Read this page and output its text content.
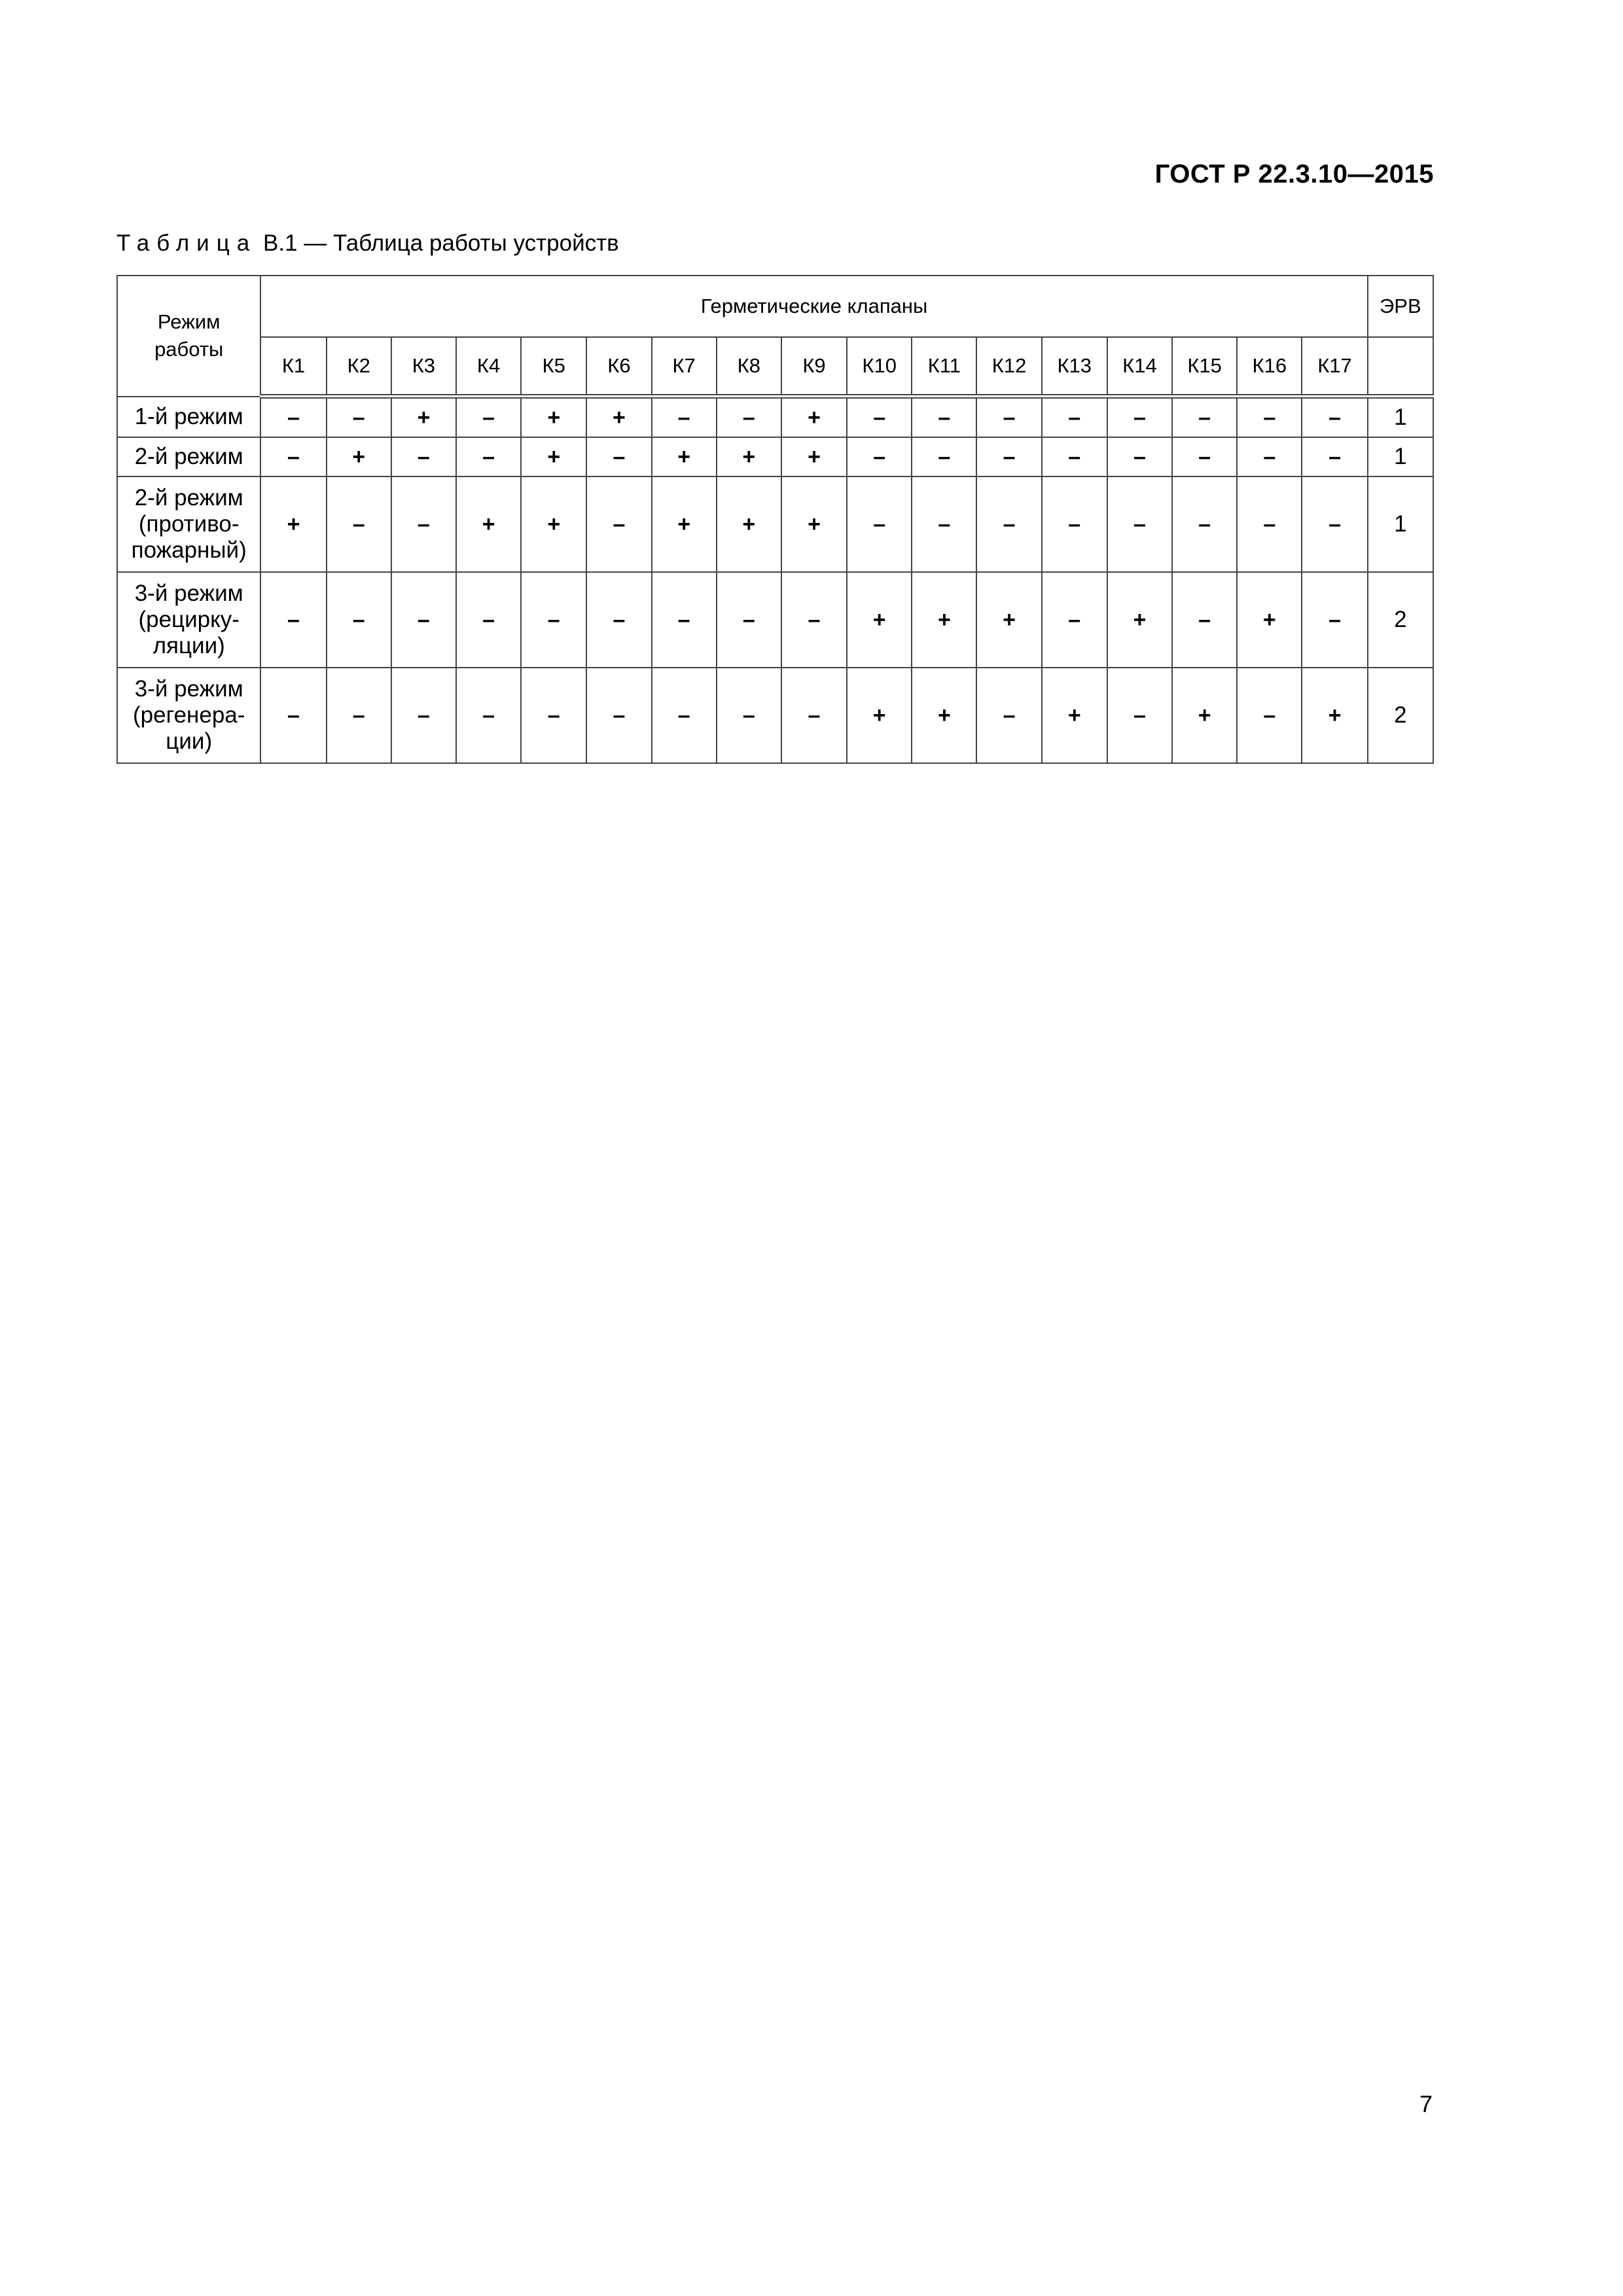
ГОСТ Р 22.3.10—2015
Таблица В.1 — Таблица работы устройств
Режим
работы	Герметические клапаны																	ЭРВ
	К1	К2	К3	К4	К5	К6	К7	К8	К9	К10	К11	К12	К13	К14	К15	К16	К17	
1-й режим	–	–	+	–	+	+	–	–	+	–	–	–	–	–	–	–	–	1
2-й режим	–	+	–	–	+	–	+	+	+	–	–	–	–	–	–	–	–	1
2-й режим
(противо-
пожарный)	+	–	–	+	+	–	+	+	+	–	–	–	–	–	–	–	–	1
3-й режим
(рецирку-
ляции)	–	–	–	–	–	–	–	–	–	+	+	+	–	+	–	+	–	2
3-й режим
(регенера-
ции)	–	–	–	–	–	–	–	–	–	+	+	–	+	–	+	–	+	2
7
